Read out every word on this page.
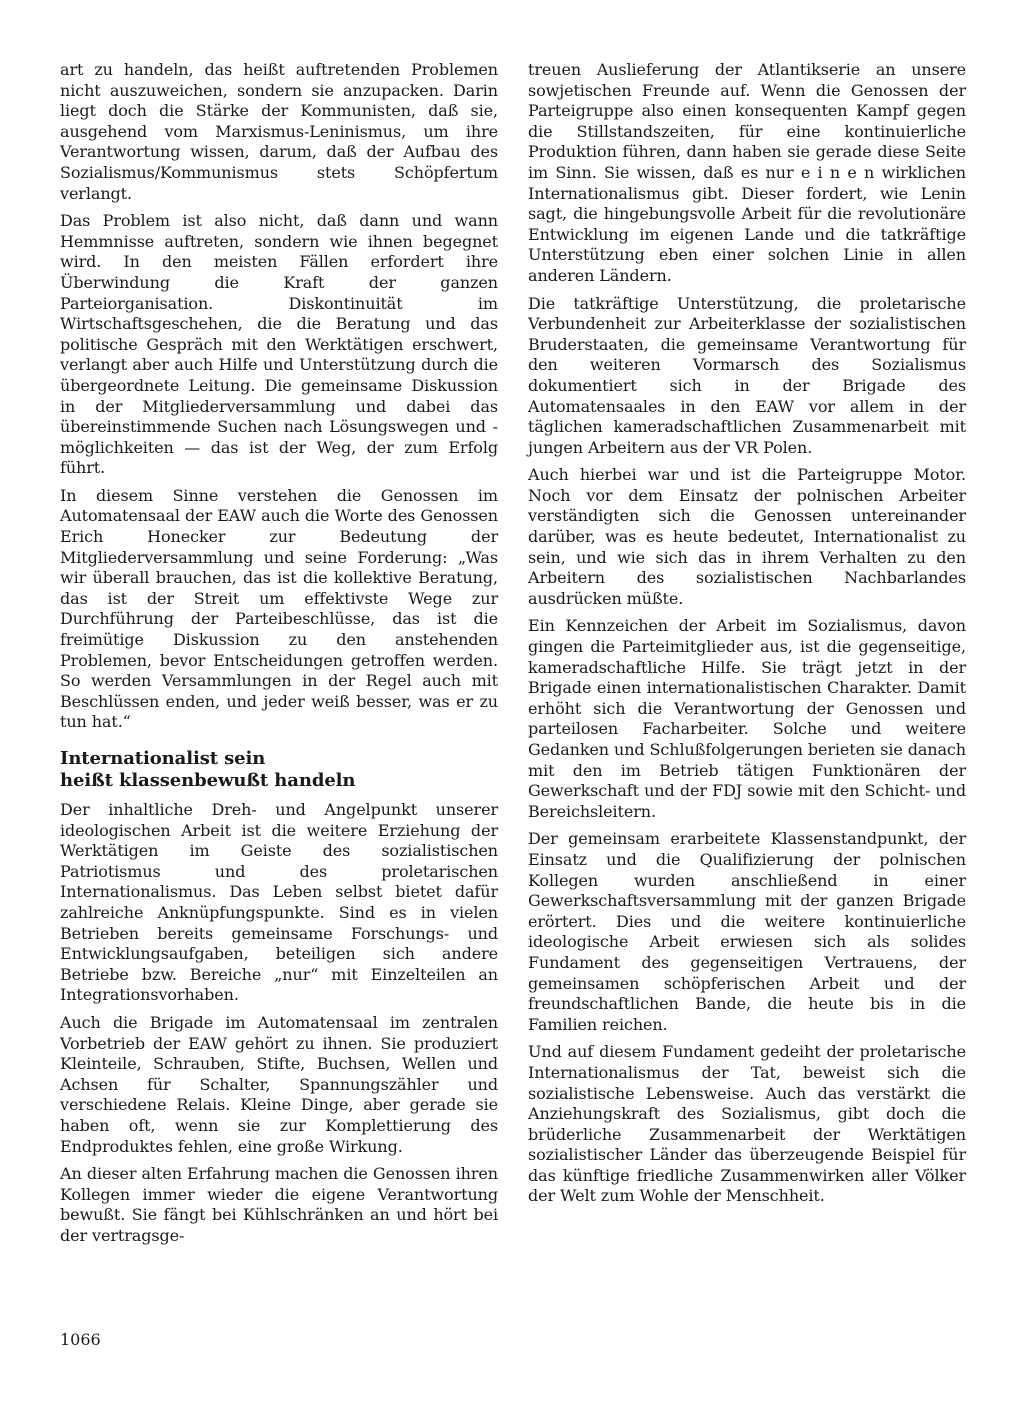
art zu handeln, das heißt auftretenden Problemen nicht auszuweichen, sondern sie anzupacken. Darin liegt doch die Stärke der Kommunisten, daß sie, ausgehend vom Marxismus-Leninismus, um ihre Verantwortung wissen, darum, daß der Aufbau des Sozialismus/Kommunismus stets Schöpfertum verlangt.

Das Problem ist also nicht, daß dann und wann Hemmnisse auftreten, sondern wie ihnen begegnet wird. In den meisten Fällen erfordert ihre Überwindung die Kraft der ganzen Parteiorganisation. Diskontinuität im Wirtschaftsgeschehen, die die Beratung und das politische Gespräch mit den Werktätigen erschwert, verlangt aber auch Hilfe und Unterstützung durch die übergeordnete Leitung. Die gemeinsame Diskussion in der Mitgliederversammlung und dabei das übereinstimmende Suchen nach Lösungswegen und -möglichkeiten — das ist der Weg, der zum Erfolg führt.

In diesem Sinne verstehen die Genossen im Automatensaal der EAW auch die Worte des Genossen Erich Honecker zur Bedeutung der Mitgliederversammlung und seine Forderung: „Was wir überall brauchen, das ist die kollektive Beratung, das ist der Streit um effektivste Wege zur Durchführung der Parteibeschlüsse, das ist die freimütige Diskussion zu den anstehenden Problemen, bevor Entscheidungen getroffen werden. So werden Versammlungen in der Regel auch mit Beschlüssen enden, und jeder weiß besser, was er zu tun hat.“

Internationalist sein
heißt klassenbewußt handeln

Der inhaltliche Dreh- und Angelpunkt unserer ideologischen Arbeit ist die weitere Erziehung der Werktätigen im Geiste des sozialistischen Patriotismus und des proletarischen Internationalismus. Das Leben selbst bietet dafür zahlreiche Anknüpfungspunkte. Sind es in vielen Betrieben bereits gemeinsame Forschungs- und Entwicklungsaufgaben, beteiligen sich andere Betriebe bzw. Bereiche „nur“ mit Einzelteilen an Integrationsvorhaben.

Auch die Brigade im Automatensaal im zentralen Vorbetrieb der EAW gehört zu ihnen. Sie produziert Kleinteile, Schrauben, Stifte, Buchsen, Wellen und Achsen für Schalter, Spannungszähler und verschiedene Relais. Kleine Dinge, aber gerade sie haben oft, wenn sie zur Komplettierung des Endproduktes fehlen, eine große Wirkung.

An dieser alten Erfahrung machen die Genossen ihren Kollegen immer wieder die eigene Verantwortung bewußt. Sie fängt bei Kühlschränken an und hört bei der vertragsge-

treuen Auslieferung der Atlantikserie an unsere sowjetischen Freunde auf. Wenn die Genossen der Parteigruppe also einen konsequenten Kampf gegen die Stillstandszeiten, für eine kontinuierliche Produktion führen, dann haben sie gerade diese Seite im Sinn. Sie wissen, daß es nur e i n e n wirklichen Internationalismus gibt. Dieser fordert, wie Lenin sagt, die hingebungsvolle Arbeit für die revolutionäre Entwicklung im eigenen Lande und die tatkräftige Unterstützung eben einer solchen Linie in allen anderen Ländern.

Die tatkräftige Unterstützung, die proletarische Verbundenheit zur Arbeiterklasse der sozialistischen Bruderstaaten, die gemeinsame Verantwortung für den weiteren Vormarsch des Sozialismus dokumentiert sich in der Brigade des Automatensaales in den EAW vor allem in der täglichen kameradschaftlichen Zusammenarbeit mit jungen Arbeitern aus der VR Polen.

Auch hierbei war und ist die Parteigruppe Motor. Noch vor dem Einsatz der polnischen Arbeiter verständigten sich die Genossen untereinander darüber, was es heute bedeutet, Internationalist zu sein, und wie sich das in ihrem Verhalten zu den Arbeitern des sozialistischen Nachbarlandes ausdrücken müßte.

Ein Kennzeichen der Arbeit im Sozialismus, davon gingen die Parteimitglieder aus, ist die gegenseitige, kameradschaftliche Hilfe. Sie trägt jetzt in der Brigade einen internationalistischen Charakter. Damit erhöht sich die Verantwortung der Genossen und parteilosen Facharbeiter. Solche und weitere Gedanken und Schlußfolgerungen berieten sie danach mit den im Betrieb tätigen Funktionären der Gewerkschaft und der FDJ sowie mit den Schicht- und Bereichsleitern.

Der gemeinsam erarbeitete Klassenstandpunkt, der Einsatz und die Qualifizierung der polnischen Kollegen wurden anschließend in einer Gewerkschaftsversammlung mit der ganzen Brigade erörtert. Dies und die weitere kontinuierliche ideologische Arbeit erwiesen sich als solides Fundament des gegenseitigen Vertrauens, der gemeinsamen schöpferischen Arbeit und der freundschaftlichen Bande, die heute bis in die Familien reichen.

Und auf diesem Fundament gedeiht der proletarische Internationalismus der Tat, beweist sich die sozialistische Lebensweise. Auch das verstärkt die Anziehungskraft des Sozialismus, gibt doch die brüderliche Zusammenarbeit der Werktätigen sozialistischer Länder das überzeugende Beispiel für das künftige friedliche Zusammenwirken aller Völker der Welt zum Wohle der Menschheit.

1066
